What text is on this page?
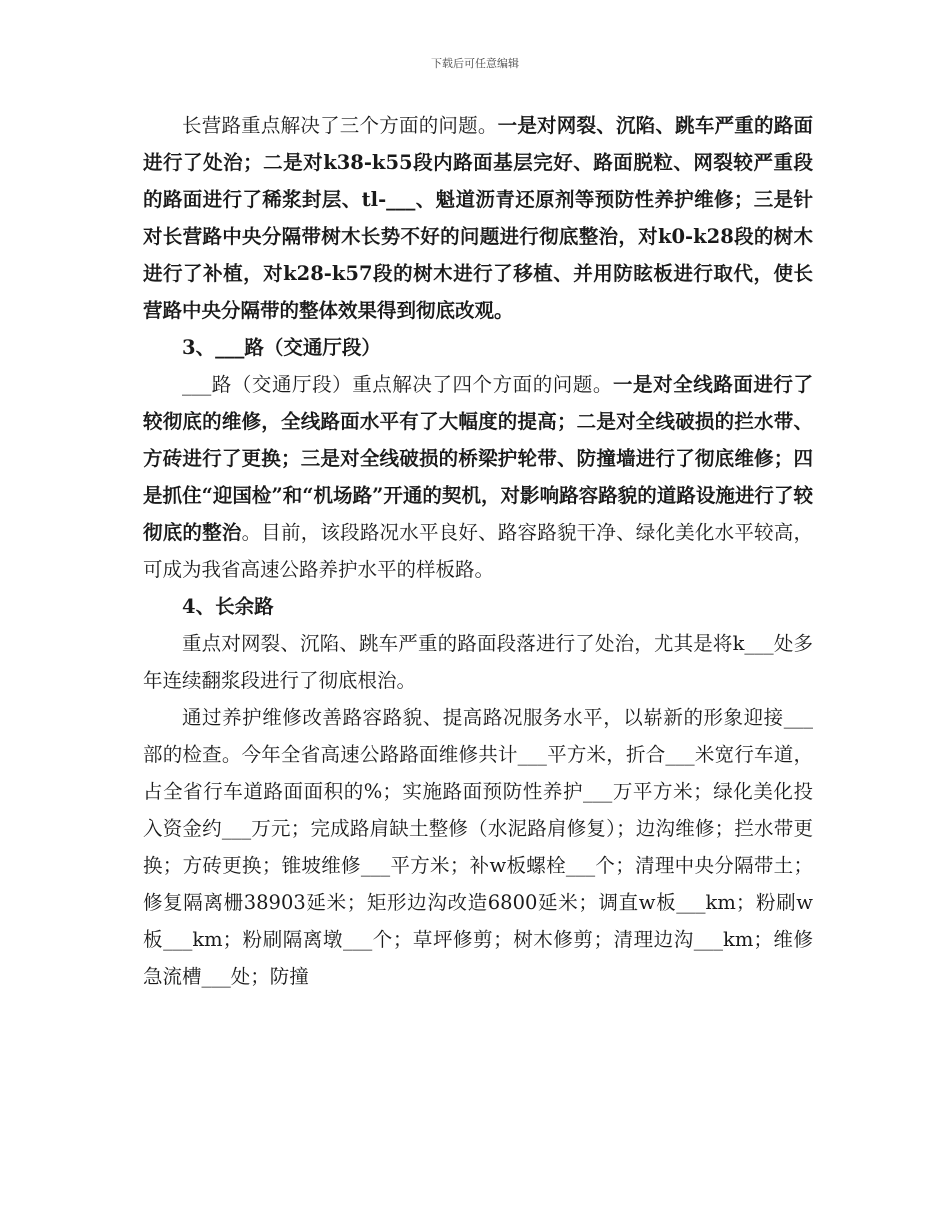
下载后可任意编辑

长营路重点解决了三个方面的问题。一是对网裂、沉陷、跳车严重的路面进行了处治；二是对k38-k55段内路面基层完好、路面脱粒、网裂较严重段的路面进行了稀浆封层、tl-___、魁道沥青还原剂等预防性养护维修；三是针对长营路中央分隔带树木长势不好的问题进行彻底整治，对k0-k28段的树木进行了补植，对k28-k57段的树木进行了移植、并用防眩板进行取代，使长营路中央分隔带的整体效果得到彻底改观。

3、___路（交通厅段）

___路（交通厅段）重点解决了四个方面的问题。一是对全线路面进行了较彻底的维修，全线路面水平有了大幅度的提高；二是对全线破损的拦水带、方砖进行了更换；三是对全线破损的桥梁护轮带、防撞墙进行了彻底维修；四是抓住“迎国检”和“机场路”开通的契机，对影响路容路貌的道路设施进行了较彻底的整治。目前，该段路况水平良好、路容路貌干净、绿化美化水平较高，可成为我省高速公路养护水平的样板路。

4、长余路

重点对网裂、沉陷、跳车严重的路面段落进行了处治，尤其是将k___处多年连续翻浆段进行了彻底根治。

通过养护维修改善路容路貌、提高路况服务水平，以崭新的形象迎接___部的检查。今年全省高速公路路面维修共计___平方米，折合___米宽行车道，占全省行车道路面面积的%；实施路面预防性养护___万平方米；绿化美化投入资金约___万元；完成路肩缺土整修（水泥路肩修复）；边沟维修；拦水带更换；方砖更换；锥坡维修___平方米；补w板螺栓___个；清理中央分隔带土；修复隔离栅38903延米；矩形边沟改造6800延米；调直w板___km；粉刷w板___km；粉刷隔离墩___个；草坪修剪；树木修剪；清理边沟___km；维修急流槽___处；防撞
